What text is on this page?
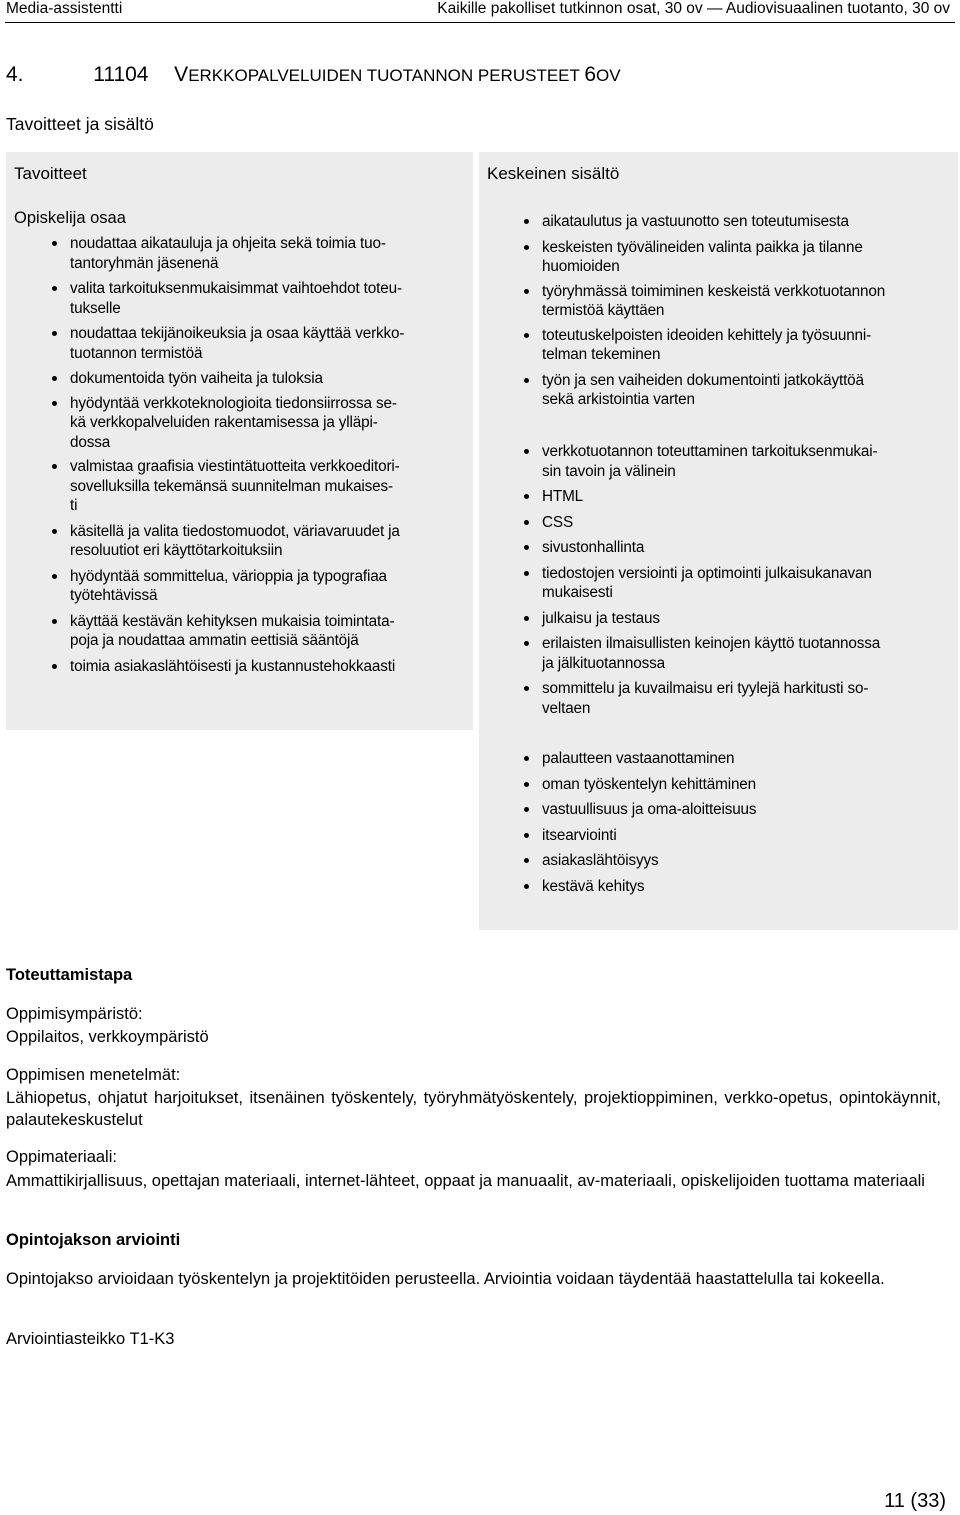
Media-assistentti	Kaikille pakolliset tutkinnon osat, 30 ov — Audiovisuaalinen tuotanto, 30 ov
4.	11104 VERKKOPALVELUIDEN TUOTANNON PERUSTEET 6OV
Tavoitteet ja sisältö
Tavoitteet
Opiskelija osaa
noudattaa aikatauluja ja ohjeita sekä toimia tuo-
tantoryhmän jäsenenä
valita tarkoituksenmukaisimmat vaihtoehdot toteu-
tukselle
noudattaa tekijänoikeuksia ja osaa käyttää verkko-
tuotannon termistöä
dokumentoida työn vaiheita ja tuloksia
hyödyntää verkkoteknologioita tiedonsiirrossa se-
kä verkkopalveluiden rakentamisessa ja ylläpi-
dossa
valmistaa graafisia viestintätuotteita verkkoeditori-
sovelluksilla tekemänsä suunnitelman mukaises-
ti
käsitellä ja valita tiedostomuodot, väriavaruudet ja
resoluutiot eri käyttötarkoituksiin
hyödyntää sommittelua, värioppia ja typografiaa
työtehtävissä
käyttää kestävän kehityksen mukaisia toimintata-
poja ja noudattaa ammatin eettisiä sääntöjä
toimia asiakaslähtöisesti ja kustannustehokkaasti
Keskeinen sisältö
aikataulutus ja vastuunotto sen toteutumisesta
keskeisten työvälineiden valinta paikka ja tilanne
huomioiden
työryhmässä toimiminen keskeistä verkkotuotannon
termistöä käyttäen
toteutuskelpoisten ideoiden kehittely ja työsuunni-
telman tekeminen
työn ja sen vaiheiden dokumentointi jatkokäyttöä
sekä arkistointia varten
verkkotuotannon toteuttaminen tarkoituksenmukai-
sin tavoin ja välinein
HTML
CSS
sivustonhallinta
tiedostojen versiointi ja optimointi julkaisukanavan
mukaisesti
julkaisu ja testaus
erilaisten ilmaisullisten keinojen käyttö tuotannossa
ja jälkituotannossa
sommittelu ja kuvailmaisu eri tyylejä harkitusti so-
veltaen
palautteen vastaanottaminen
oman työskentelyn kehittäminen
vastuullisuus ja oma-aloitteisuus
itsearviointi
asiakaslähtöisyys
kestävä kehitys
Toteuttamistapa
Oppimisympäristö:
Oppilaitos, verkkoympäristö
Oppimisen menetelmät:
Lähiopetus, ohjatut harjoitukset, itsenäinen työskentely, työryhmätyöskentely, projektioppiminen, verkko-opetus, opintokäynnit, palautekeskustelut
Oppimateriaali:
Ammattikirjallisuus, opettajan materiaali, internet-lähteet, oppaat ja manuaalit, av-materiaali, opiskelijoiden tuottama materiaali
Opintojakson arviointi
Opintojakso arvioidaan työskentelyn ja projektitöiden perusteella. Arviointia voidaan täydentää haastattelulla tai kokeella.
Arviointiasteikko T1-K3
11 (33)
